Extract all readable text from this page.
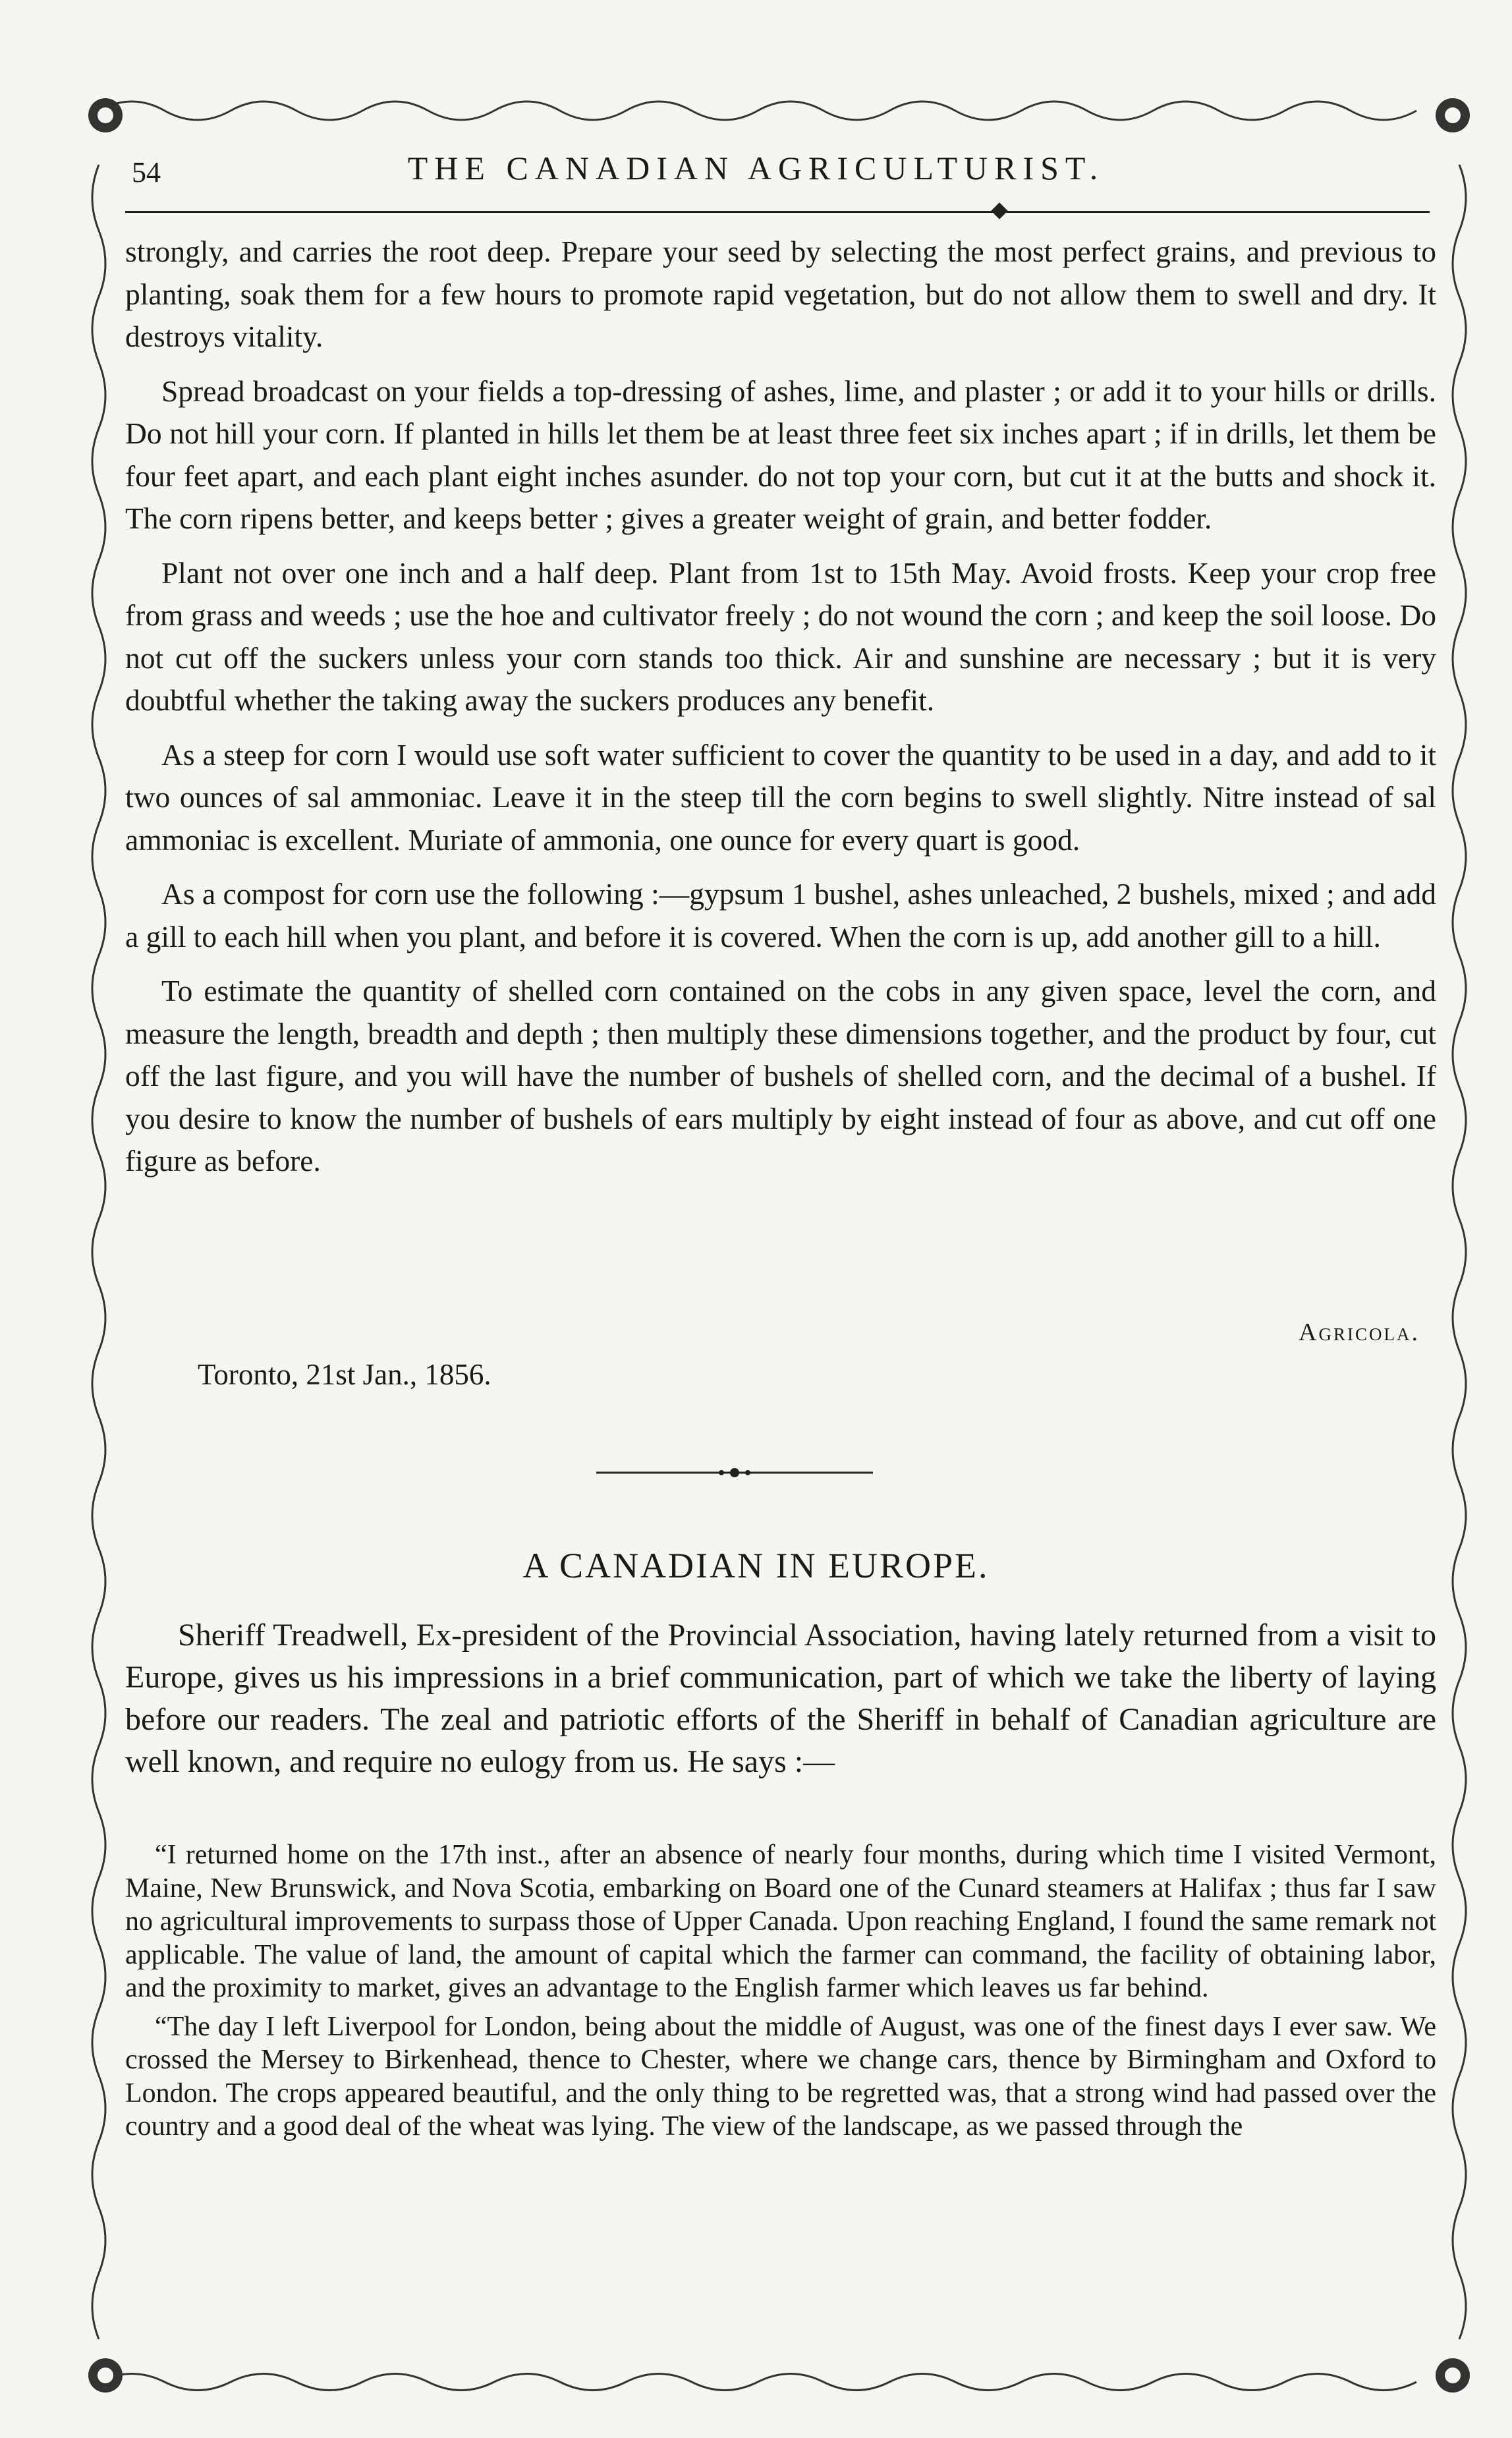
54	THE CANADIAN AGRICULTURIST.

strongly, and carries the root deep. Prepare your seed by selecting the most perfect grains, and previous to planting, soak them for a few hours to promote rapid vegetation, but do not allow them to swell and dry. It destroys vitality.

Spread broadcast on your fields a top-dressing of ashes, lime, and plaster ; or add it to your hills or drills. Do not hill your corn. If planted in hills let them be at least three feet six inches apart ; if in drills, let them be four feet apart, and each plant eight inches asunder. do not top your corn, but cut it at the butts and shock it. The corn ripens better, and keeps better ; gives a greater weight of grain, and better fodder.

Plant not over one inch and a half deep. Plant from 1st to 15th May. Avoid frosts. Keep your crop free from grass and weeds ; use the hoe and cultivator freely ; do not wound the corn ; and keep the soil loose. Do not cut off the suckers unless your corn stands too thick. Air and sunshine are necessary ; but it is very doubtful whether the taking away the suckers produces any benefit.

As a steep for corn I would use soft water sufficient to cover the quantity to be used in a day, and add to it two ounces of sal ammoniac. Leave it in the steep till the corn begins to swell slightly. Nitre instead of sal ammoniac is excellent. Muriate of ammonia, one ounce for every quart is good.

As a compost for corn use the following :—gypsum 1 bushel, ashes unleached, 2 bushels, mixed ; and add a gill to each hill when you plant, and before it is covered. When the corn is up, add another gill to a hill.

To estimate the quantity of shelled corn contained on the cobs in any given space, level the corn, and measure the length, breadth and depth ; then multiply these dimensions together, and the product by four, cut off the last figure, and you will have the number of bushels of shelled corn, and the decimal of a bushel. If you desire to know the number of bushels of ears multiply by eight instead of four as above, and cut off one figure as before.

Agricola.
Toronto, 21st Jan., 1856.
A CANADIAN IN EUROPE.

Sheriff Treadwell, Ex-president of the Provincial Association, having lately returned from a visit to Europe, gives us his impressions in a brief communication, part of which we take the liberty of laying before our readers. The zeal and patriotic efforts of the Sheriff in behalf of Canadian agriculture are well known, and require no eulogy from us. He says :—

“I returned home on the 17th inst., after an absence of nearly four months, during which time I visited Vermont, Maine, New Brunswick, and Nova Scotia, embarking on Board one of the Cunard steamers at Halifax ; thus far I saw no agricultural improvements to surpass those of Upper Canada. Upon reaching England, I found the same remark not applicable. The value of land, the amount of capital which the farmer can command, the facility of obtaining labor, and the proximity to market, gives an advantage to the English farmer which leaves us far behind.

“The day I left Liverpool for London, being about the middle of August, was one of the finest days I ever saw. We crossed the Mersey to Birkenhead, thence to Chester, where we change cars, thence by Birmingham and Oxford to London. The crops appeared beautiful, and the only thing to be regretted was, that a strong wind had passed over the country and a good deal of the wheat was lying. The view of the landscape, as we passed through the
